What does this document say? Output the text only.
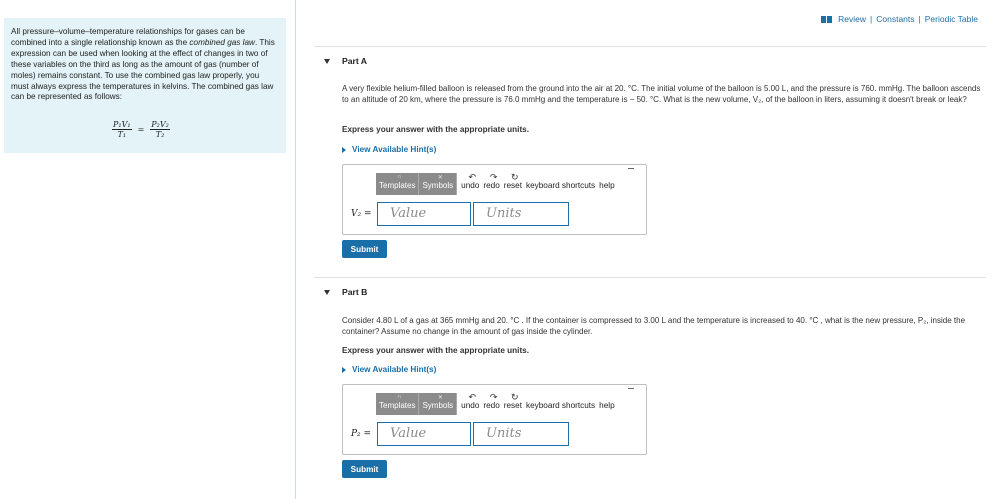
All pressure–volume–temperature relationships for gases can be combined into a single relationship known as the combined gas law. This expression can be used when looking at the effect of changes in two of these variables on the third as long as the amount of gas (number of moles) remains constant. To use the combined gas law properly, you must always express the temperatures in kelvins. The combined gas law can be represented as follows:

$\frac{\text{P₁V₁}}{\text{T₁}} = \frac{\text{P₂V₂}}{\text{T₂}}$
Review | Constants | Periodic Table
Part A

A very flexible helium-filled balloon is released from the ground into the air at 20. °C. The initial volume of the balloon is 5.00 L, and the pressure is 760. mmHg. The balloon ascends to an altitude of 20 km, where the pressure is 76.0 mmHg and the temperature is − 50. °C. What is the new volume, V₂, of the balloon in liters, assuming it doesn't break or leak?

Express your answer with the appropriate units.
View Available Hint(s)
∩
Templates
✕
Symbols
↶
undo
↷
redo
↻
reset keyboard shortcuts help
V₂ =	Value	Units
Submit
Part B

Consider 4.80 L of a gas at 365 mmHg and 20. °C . If the container is compressed to 3.00 L and the temperature is increased to 40. °C , what is the new pressure, P₂, inside the container? Assume no change in the amount of gas inside the cylinder.

Express your answer with the appropriate units.
View Available Hint(s)
∩
Templates
✕
Symbols
↶
undo
↷
redo
↻
reset keyboard shortcuts help
P₂ =	Value	Units
Submit
